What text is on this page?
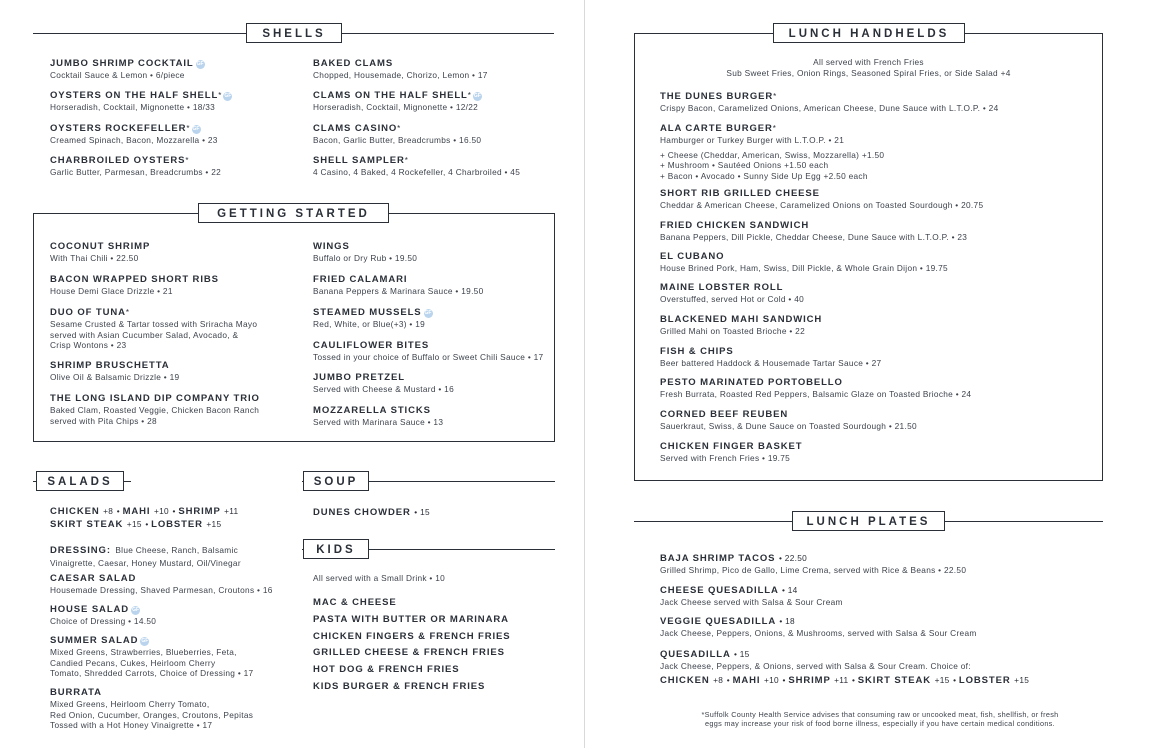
SHELLS
JUMBO SHRIMP COCKTAIL GF
Cocktail Sauce & Lemon • 6/piece
OYSTERS ON THE HALF SHELL* GF
Horseradish, Cocktail, Mignonette • 18/33
OYSTERS ROCKEFELLER* GF
Creamed Spinach, Bacon, Mozzarella • 23
CHARBROILED OYSTERS*
Garlic Butter, Parmesan, Breadcrumbs • 22
BAKED CLAMS
Chopped, Housemade, Chorizo, Lemon • 17
CLAMS ON THE HALF SHELL* GF
Horseradish, Cocktail, Mignonette • 12/22
CLAMS CASINO*
Bacon, Garlic Butter, Breadcrumbs • 16.50
SHELL SAMPLER*
4 Casino, 4 Baked, 4 Rockefeller, 4 Charbroiled • 45
GETTING STARTED
COCONUT SHRIMP
With Thai Chili • 22.50
BACON WRAPPED SHORT RIBS
House Demi Glace Drizzle • 21
DUO OF TUNA*
Sesame Crusted & Tartar tossed with Sriracha Mayo
served with Asian Cucumber Salad, Avocado, &
Crisp Wontons • 23
SHRIMP BRUSCHETTA
Olive Oil & Balsamic Drizzle • 19
THE LONG ISLAND DIP COMPANY TRIO
Baked Clam, Roasted Veggie, Chicken Bacon Ranch
served with Pita Chips • 28
WINGS
Buffalo or Dry Rub • 19.50
FRIED CALAMARI
Banana Peppers & Marinara Sauce • 19.50
STEAMED MUSSELS GF
Red, White, or Blue(+3) • 19
CAULIFLOWER BITES
Tossed in your choice of Buffalo or Sweet Chili Sauce • 17
JUMBO PRETZEL
Served with Cheese & Mustard • 16
MOZZARELLA STICKS
Served with Marinara Sauce • 13
SALADS
CHICKEN +8 • MAHI +10 • SHRIMP +11
SKIRT STEAK +15 • LOBSTER +15
DRESSING: Blue Cheese, Ranch, Balsamic
Vinaigrette, Caesar, Honey Mustard, Oil/Vinegar
CAESAR SALAD
Housemade Dressing, Shaved Parmesan, Croutons • 16
HOUSE SALAD GF
Choice of Dressing • 14.50
SUMMER SALAD GF
Mixed Greens, Strawberries, Blueberries, Feta,
Candied Pecans, Cukes, Heirloom Cherry
Tomato, Shredded Carrots, Choice of Dressing • 17
BURRATA
Mixed Greens, Heirloom Cherry Tomato,
Red Onion, Cucumber, Oranges, Croutons, Pepitas
Tossed with a Hot Honey Vinaigrette • 17
SOUP
DUNES CHOWDER • 15
KIDS
All served with a Small Drink • 10
MAC & CHEESE
PASTA WITH BUTTER OR MARINARA
CHICKEN FINGERS & FRENCH FRIES
GRILLED CHEESE & FRENCH FRIES
HOT DOG & FRENCH FRIES
KIDS BURGER & FRENCH FRIES
LUNCH HANDHELDS
All served with French Fries
Sub Sweet Fries, Onion Rings, Seasoned Spiral Fries, or Side Salad +4
THE DUNES BURGER*
Crispy Bacon, Caramelized Onions, American Cheese, Dune Sauce with L.T.O.P. • 24
ALA CARTE BURGER*
Hamburger or Turkey Burger with L.T.O.P. • 21
+ Cheese (Cheddar, American, Swiss, Mozzarella) +1.50
+ Mushroom • Sautéed Onions +1.50 each
+ Bacon • Avocado • Sunny Side Up Egg +2.50 each
SHORT RIB GRILLED CHEESE
Cheddar & American Cheese, Caramelized Onions on Toasted Sourdough • 20.75
FRIED CHICKEN SANDWICH
Banana Peppers, Dill Pickle, Cheddar Cheese, Dune Sauce with L.T.O.P. • 23
EL CUBANO
House Brined Pork, Ham, Swiss, Dill Pickle, & Whole Grain Dijon • 19.75
MAINE LOBSTER ROLL
Overstuffed, served Hot or Cold • 40
BLACKENED MAHI SANDWICH
Grilled Mahi on Toasted Brioche • 22
FISH & CHIPS
Beer battered Haddock & Housemade Tartar Sauce • 27
PESTO MARINATED PORTOBELLO
Fresh Burrata, Roasted Red Peppers, Balsamic Glaze on Toasted Brioche • 24
CORNED BEEF REUBEN
Sauerkraut, Swiss, & Dune Sauce on Toasted Sourdough • 21.50
CHICKEN FINGER BASKET
Served with French Fries • 19.75
LUNCH PLATES
BAJA SHRIMP TACOS • 22.50
Grilled Shrimp, Pico de Gallo, Lime Crema, served with Rice & Beans • 22.50
CHEESE QUESADILLA • 14
Jack Cheese served with Salsa & Sour Cream
VEGGIE QUESADILLA • 18
Jack Cheese, Peppers, Onions, & Mushrooms, served with Salsa & Sour Cream
QUESADILLA • 15
Jack Cheese, Peppers, & Onions, served with Salsa & Sour Cream. Choice of:
CHICKEN +8 • MAHI +10 • SHRIMP +11 • SKIRT STEAK +15 • LOBSTER +15
*Suffolk County Health Service advises that consuming raw or uncooked meat, fish, shellfish, or fresh
eggs may increase your risk of food borne illness, especially if you have certain medical conditions.
